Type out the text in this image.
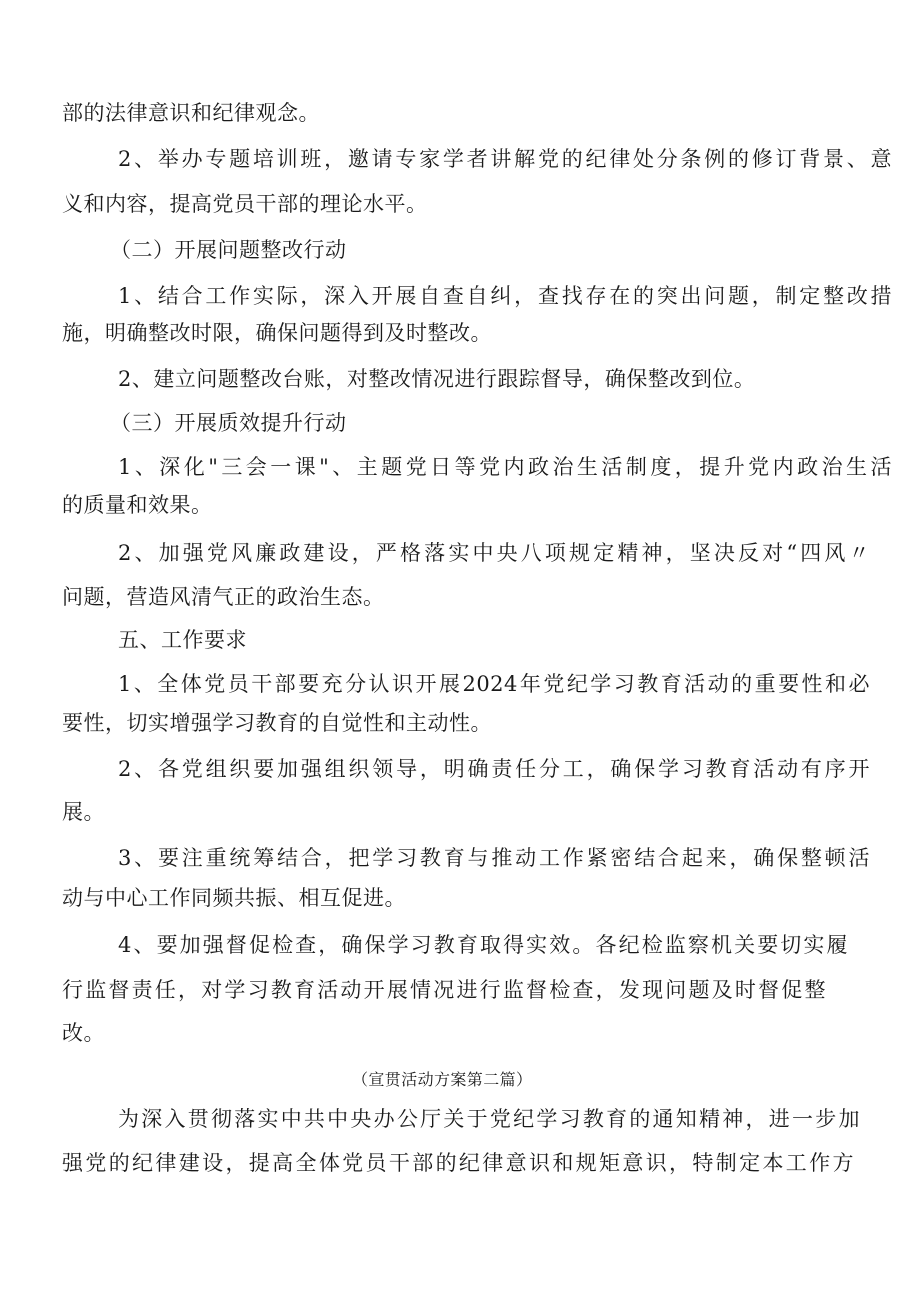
部的法律意识和纪律观念。
2、举办专题培训班，邀请专家学者讲解党的纪律处分条例的修订背景、意
义和内容，提高党员干部的理论水平。
（二）开展问题整改行动
1、结合工作实际，深入开展自查自纠，查找存在的突出问题，制定整改措
施，明确整改时限，确保问题得到及时整改。
2、建立问题整改台账，对整改情况进行跟踪督导，确保整改到位。
（三）开展质效提升行动
1、深化"三会一课"、主题党日等党内政治生活制度，提升党内政治生活
的质量和效果。
2、加强党风廉政建设，严格落实中央八项规定精神，坚决反对“四风〃
问题，营造风清气正的政治生态。
五、工作要求
1、全体党员干部要充分认识开展2024年党纪学习教育活动的重要性和必
要性，切实增强学习教育的自觉性和主动性。
2、各党组织要加强组织领导，明确责任分工，确保学习教育活动有序开
展。
3、要注重统筹结合，把学习教育与推动工作紧密结合起来，确保整顿活
动与中心工作同频共振、相互促进。
4、要加强督促检查，确保学习教育取得实效。各纪检监察机关要切实履
行监督责任，对学习教育活动开展情况进行监督检查，发现问题及时督促整
改。
（宣贯活动方案第二篇）
为深入贯彻落实中共中央办公厅关于党纪学习教育的通知精神，进一步加
强党的纪律建设，提高全体党员干部的纪律意识和规矩意识，特制定本工作方
